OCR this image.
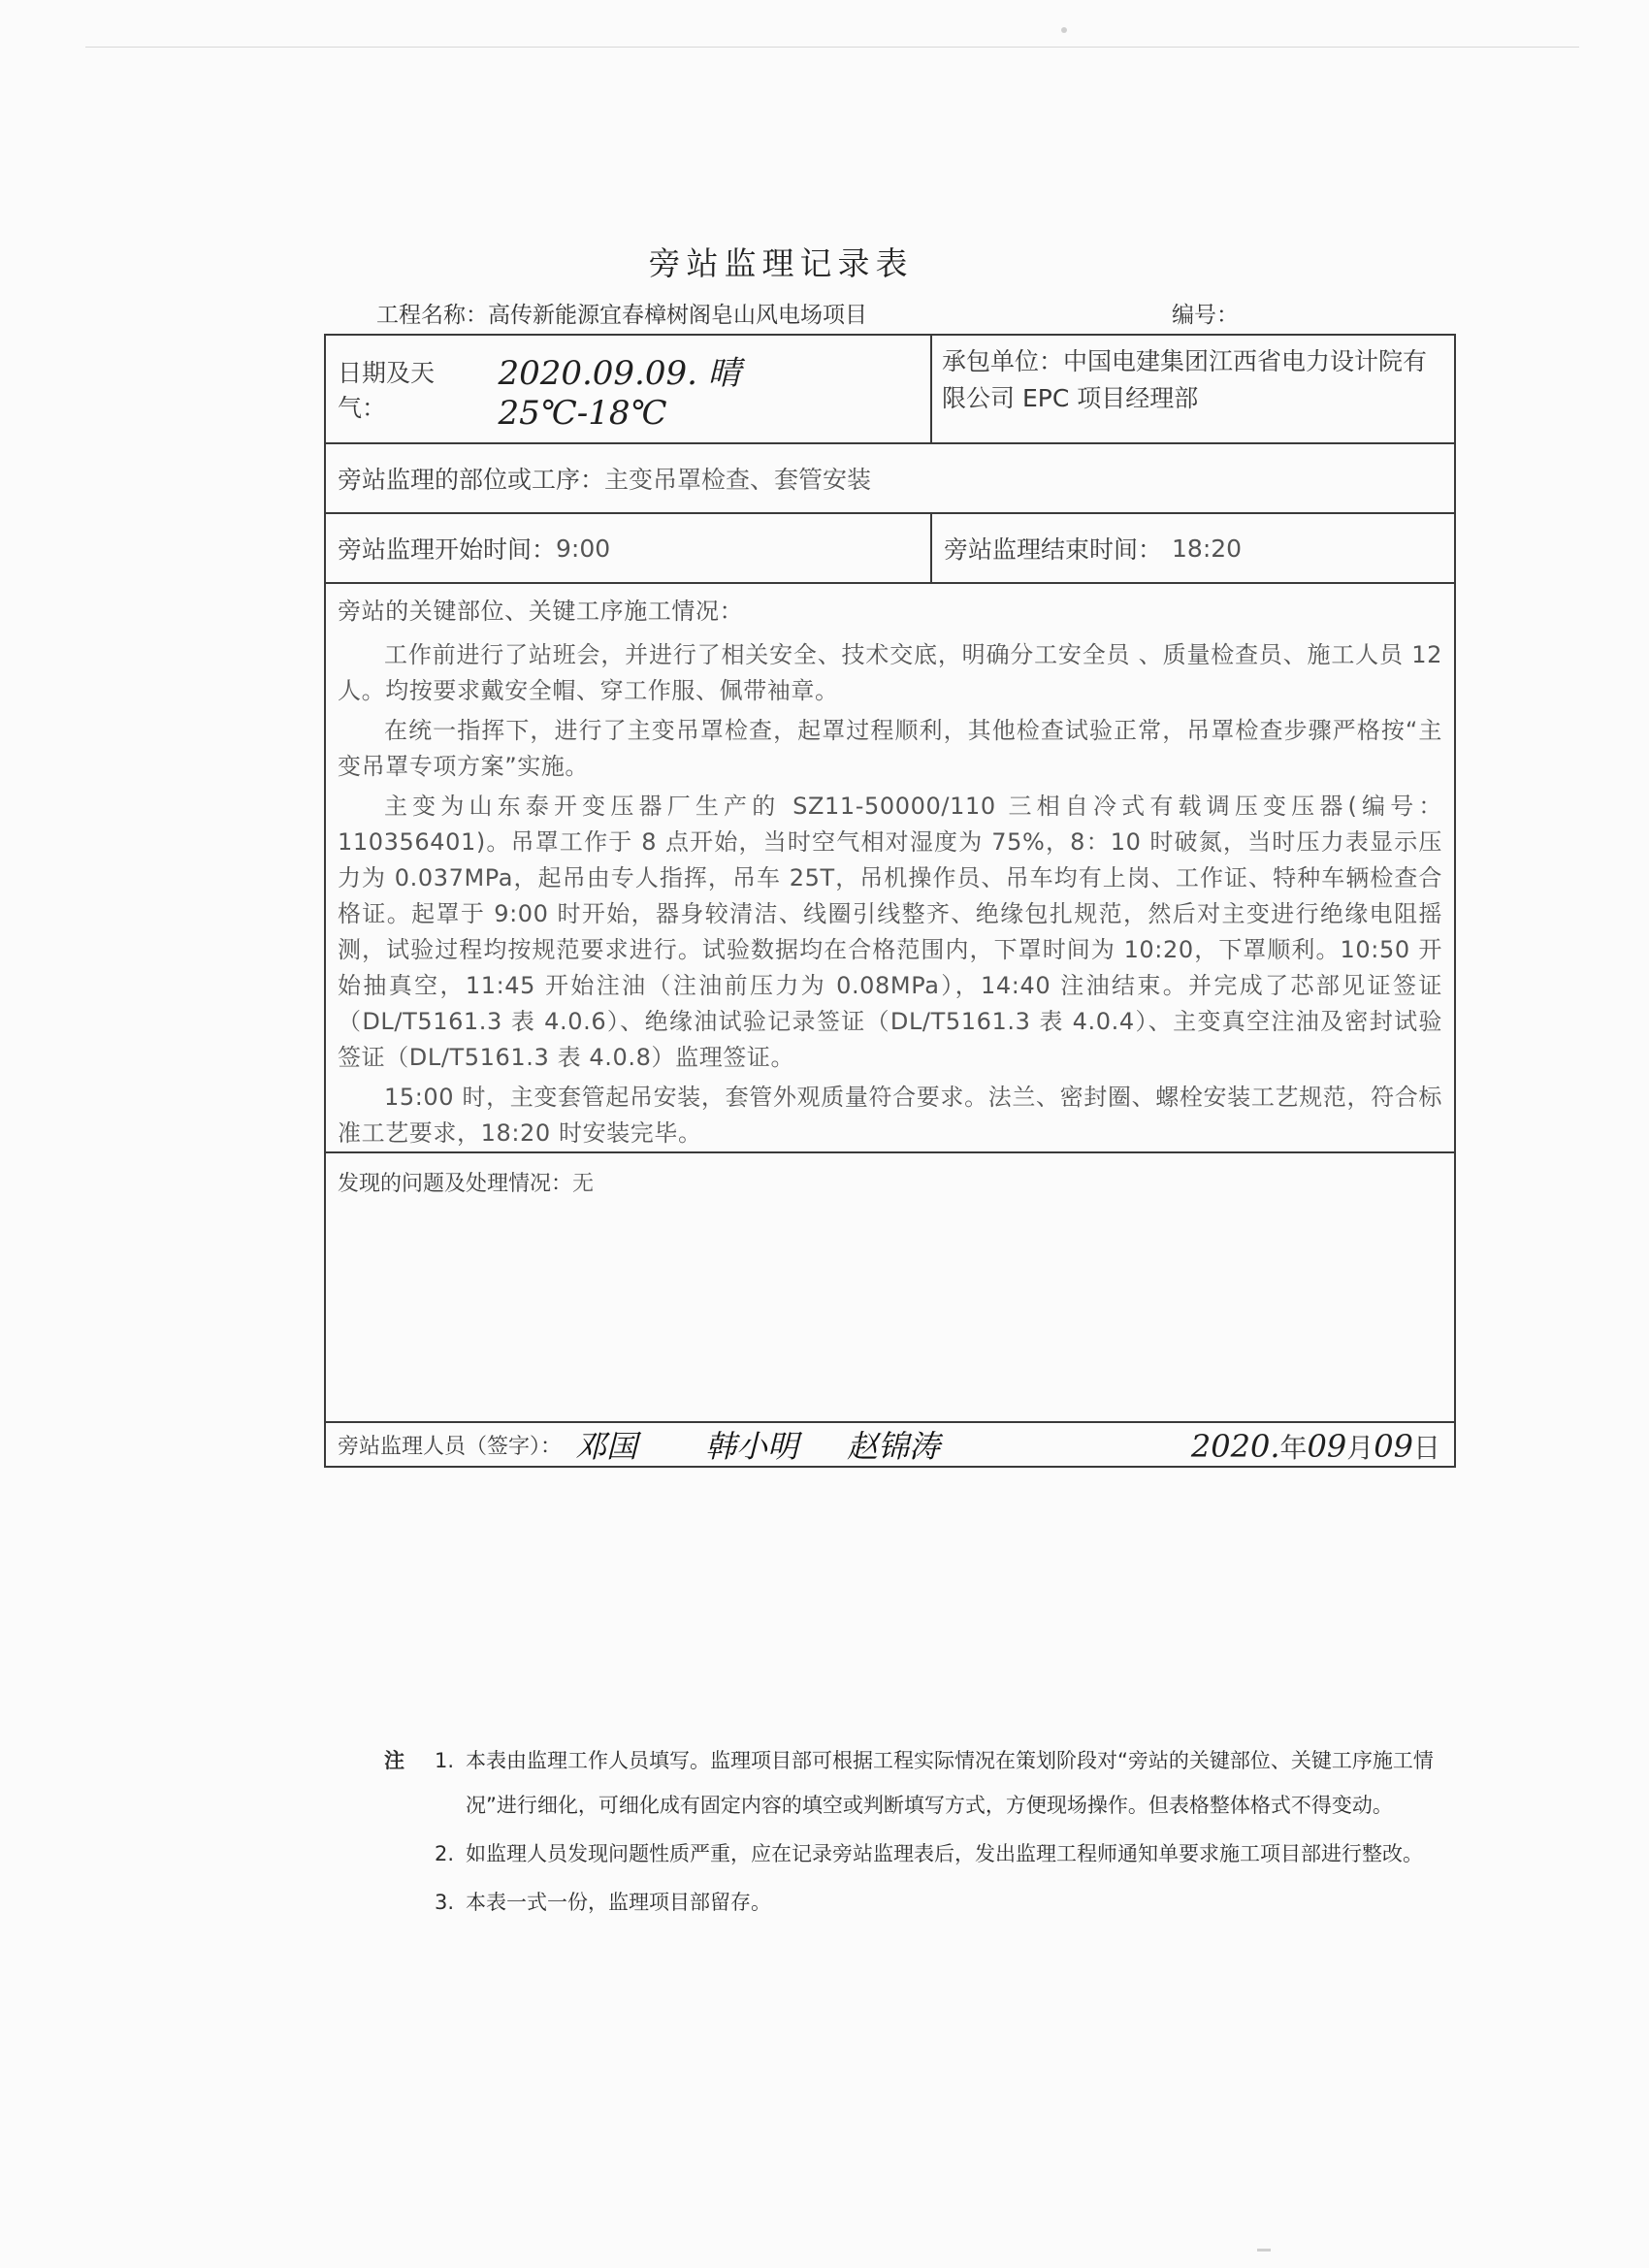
旁站监理记录表
工程名称：高传新能源宜春樟树阁皂山风电场项目	编号：
日期及天气：
2020.09.09. 晴 25℃-18℃	承包单位：中国电建集团江西省电力设计院有限公司 EPC 项目经理部

旁站监理的部位或工序： 主变吊罩检查、套管安装	

旁站监理开始时间： 9:00	旁站监理结束时间： 18:20

旁站的关键部位、关键工序施工情况：

工作前进行了站班会，并进行了相关安全、技术交底，明确分工安全员 、质量检查员、施工人员 12 人。均按要求戴安全帽、穿工作服、佩带袖章。

在统一指挥下，进行了主变吊罩检查，起罩过程顺利，其他检查试验正常，吊罩检查步骤严格按“主变吊罩专项方案”实施。

主变为山东泰开变压器厂生产的 SZ11-50000/110 三相自冷式有载调压变压器(编号：110356401)。吊罩工作于 8 点开始，当时空气相对湿度为 75%，8：10 时破氮，当时压力表显示压力为 0.037MPa，起吊由专人指挥，吊车 25T，吊机操作员、吊车均有上岗、工作证、特种车辆检查合格证。起罩于 9:00 时开始，器身较清洁、线圈引线整齐、绝缘包扎规范，然后对主变进行绝缘电阻摇测，试验过程均按规范要求进行。试验数据均在合格范围内，下罩时间为 10:20，下罩顺利。10:50 开始抽真空，11:45 开始注油（注油前压力为 0.08MPa），14:40 注油结束。并完成了芯部见证签证（DL/T5161.3 表 4.0.6）、绝缘油试验记录签证（DL/T5161.3 表 4.0.4）、主变真空注油及密封试验签证（DL/T5161.3 表 4.0.8）监理签证。

15:00 时，主变套管起吊安装，套管外观质量符合要求。法兰、密封圈、螺栓安装工艺规范，符合标准工艺要求，18:20 时安装完毕。	

发现的问题及处理情况：无	

旁站监理人员（签字）： 邓国 韩小明 赵锦涛 2020.年09月09日	
注	1. 本表由监理工作人员填写。监理项目部可根据工程实际情况在策划阶段对“旁站的关键部位、关键工序施工情况”进行细化，可细化成有固定内容的填空或判断填写方式，方便现场操作。但表格整体格式不得变动。
2. 如监理人员发现问题性质严重，应在记录旁站监理表后，发出监理工程师通知单要求施工项目部进行整改。
3. 本表一式一份，监理项目部留存。
